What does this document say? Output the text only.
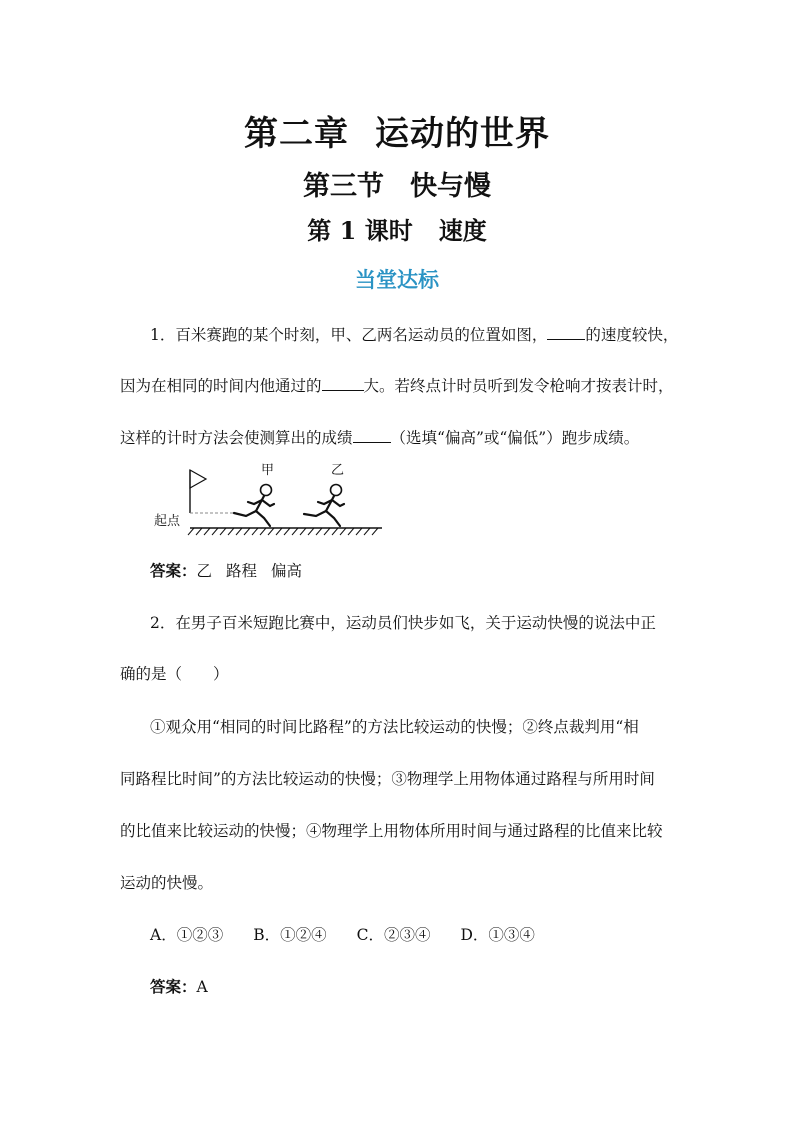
第二章 运动的世界
第三节 快与慢
第 1 课时 速度
当堂达标
1．百米赛跑的某个时刻，甲、乙两名运动员的位置如图， 的速度较快，
因为在相同的时间内他通过的	大。若终点计时员听到发令枪响才按表计时，
这样的计时方法会使测算出的成绩 （选填“偏高”或“偏低”）跑步成绩。
甲	乙
起点
答案：乙 路程 偏高
2．在男子百米短跑比赛中，运动员们快步如飞，关于运动快慢的说法中正
确的是（　　）
①观众用“相同的时间比路程”的方法比较运动的快慢；②终点裁判用“相
同路程比时间”的方法比较运动的快慢；③物理学上用物体通过路程与所用时间
的比值来比较运动的快慢；④物理学上用物体所用时间与通过路程的比值来比较
运动的快慢。
A．①②③ B．①②④ C．②③④ D．①③④
答案：A
